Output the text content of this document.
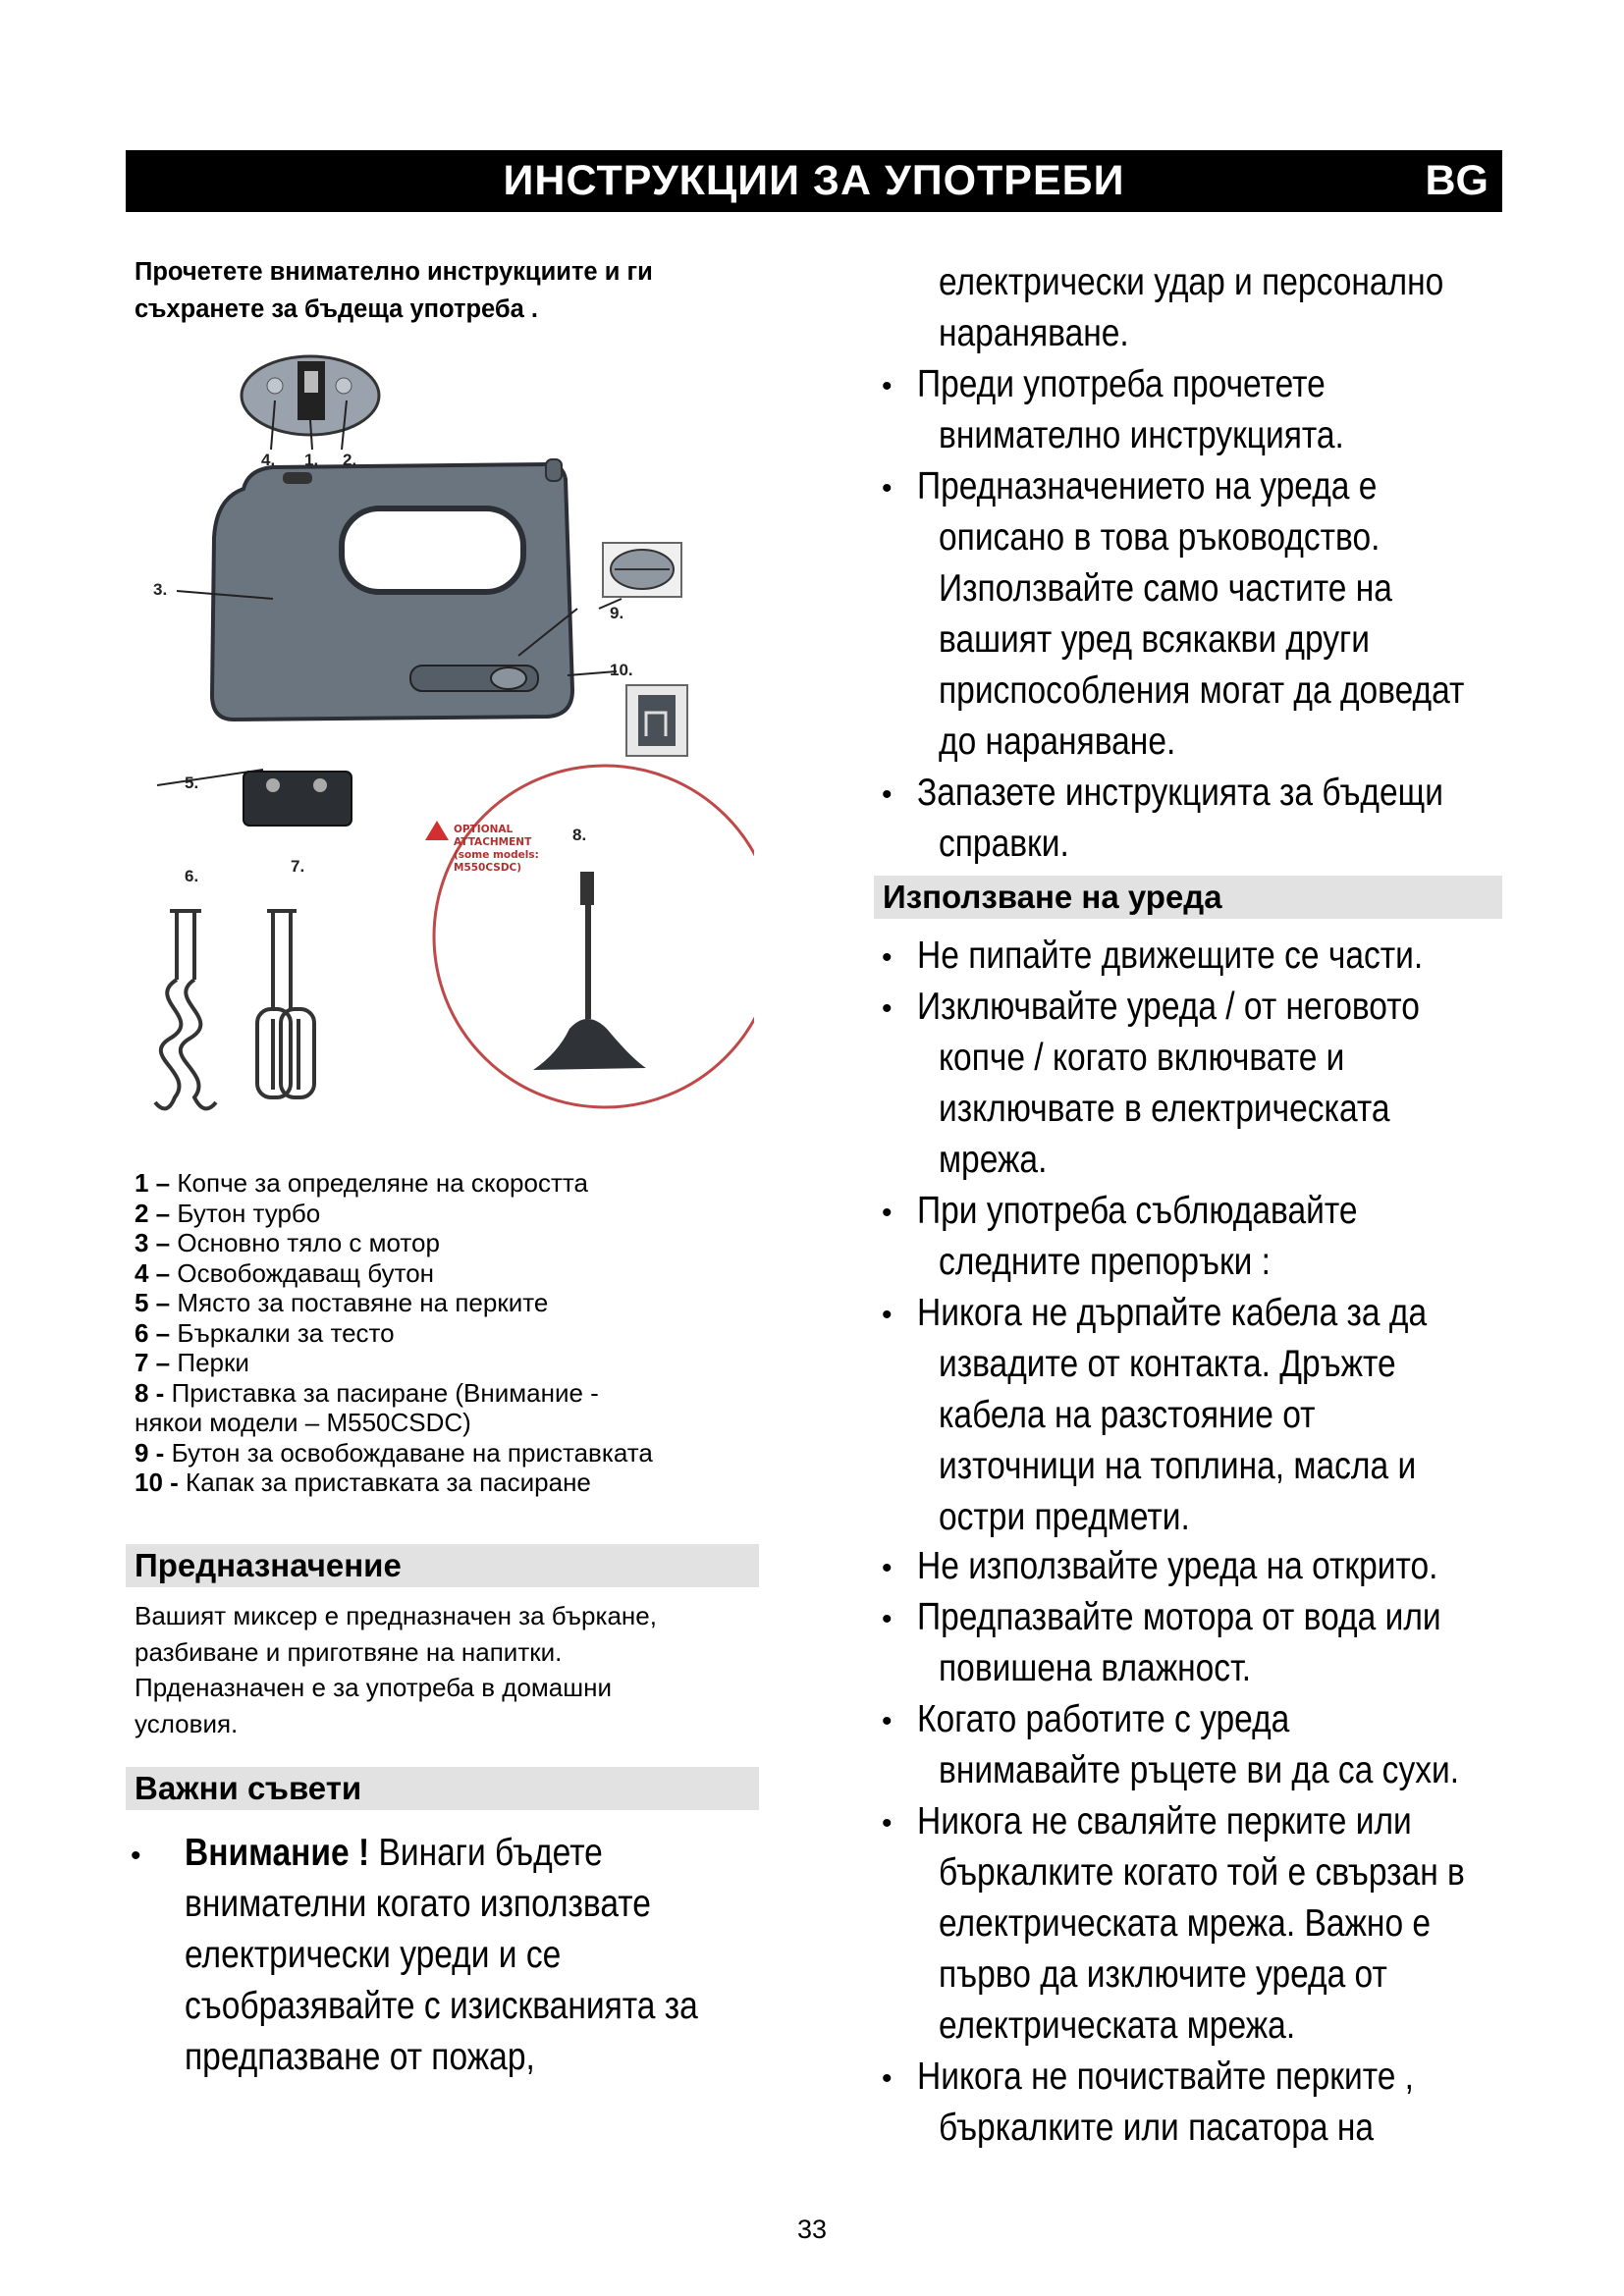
ИНСТРУКЦИИ ЗА УПОТРЕБИ	BG
Прочетете внимателно инструкциите и ги
съхранете за бъдеща употреба .
OPTIONAL
ATTACHMENT
(some models:
M550CSDC)
4. 1. 2.
3.
9.
10.
5.
6.
7.
8.
1 – Копче за определяне на скоростта
2 – Бутон турбо
3 – Основно тяло с мотор
4 – Освобождаващ бутон
5 – Място за поставяне на перките
6 – Бъркалки за тесто
7 – Перки
8 - Приставка за пасиране (Внимание -
някои модели – M550CSDC)
9 - Бутон за освобождаване на приставката
10 - Капак за приставката за пасиране
Предназначение
Вашият миксер е предназначен за бъркане,
разбиване и приготвяне на напитки.
Прденазначен е за употреба в домашни
условия.
Важни съвети
• Внимание ! Винаги бъдете
внимателни когато използвате
електрически уреди и се
съобразявайте с изискванията за
предпазване от пожар,
електрически удар и персонално
нараняване.
• Преди употреба прочетете
внимателно инструкцията.
• Предназначението на уреда е
описано в това ръководство.
Използвайте само частите на
вашият уред всякакви други
приспособления могат да доведат
до нараняване.
• Запазете инструкцията за бъдещи
справки.
Използване на уреда
• Не пипайте движещите се части.
• Изключвайте уреда / от неговото
копче / когато включвате и
изключвате в електрическата
мрежа.
• При употреба съблюдавайте
следните препоръки :
• Никога не дърпайте кабела за да
извадите от контакта. Дръжте
кабела на разстояние от
източници на топлина, масла и
остри предмети.
• Не използвайте уреда на открито.
• Предпазвайте мотора от вода или
повишена влажност.
• Когато работите с уреда
внимавайте ръцете ви да са сухи.
• Никога не сваляйте перките или
бъркалките когато той е свързан в
електрическата мрежа. Важно е
първо да изключите уреда от
електрическата мрежа.
• Никога не почиствайте перките ,
бъркалките или пасатора на
33
